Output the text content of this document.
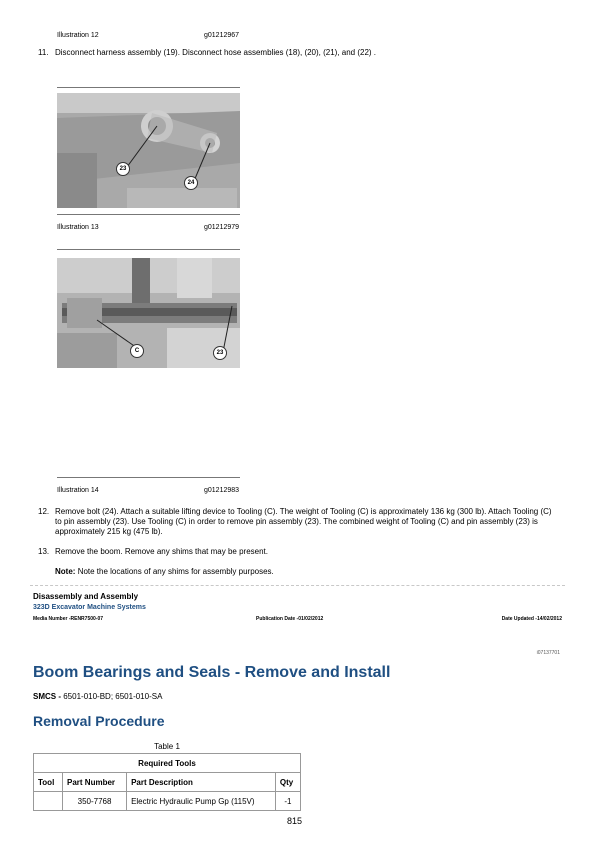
Illustration 12	g01212967
11. Disconnect harness assembly (19). Disconnect hose assemblies (18), (20), (21), and (22) .
23
24
Illustration 13	g01212979
C	23
Illustration 14	g01212983
12. Remove bolt (24). Attach a suitable lifting device to Tooling (C). The weight of Tooling (C) is approximately 136 kg (300 lb). Attach Tooling (C) to pin assembly (23). Use Tooling (C) in order to remove pin assembly (23). The combined weight of Tooling (C) and pin assembly (23) is approximately 215 kg (475 lb).
13. Remove the boom. Remove any shims that may be present.
Note: Note the locations of any shims for assembly purposes.
Disassembly and Assembly
323D Excavator Machine Systems
Media Number -RENR7500-07	Publication Date -01/02/2012	Date Updated -14/02/2012
i07137701
Boom Bearings and Seals - Remove and Install
SMCS - 6501-010-BD; 6501-010-SA
Removal Procedure
Table 1
Required Tools			
Tool	Part Number	Part Description	Qty
	350-7768	Electric Hydraulic Pump Gp (115V)	-1
815
